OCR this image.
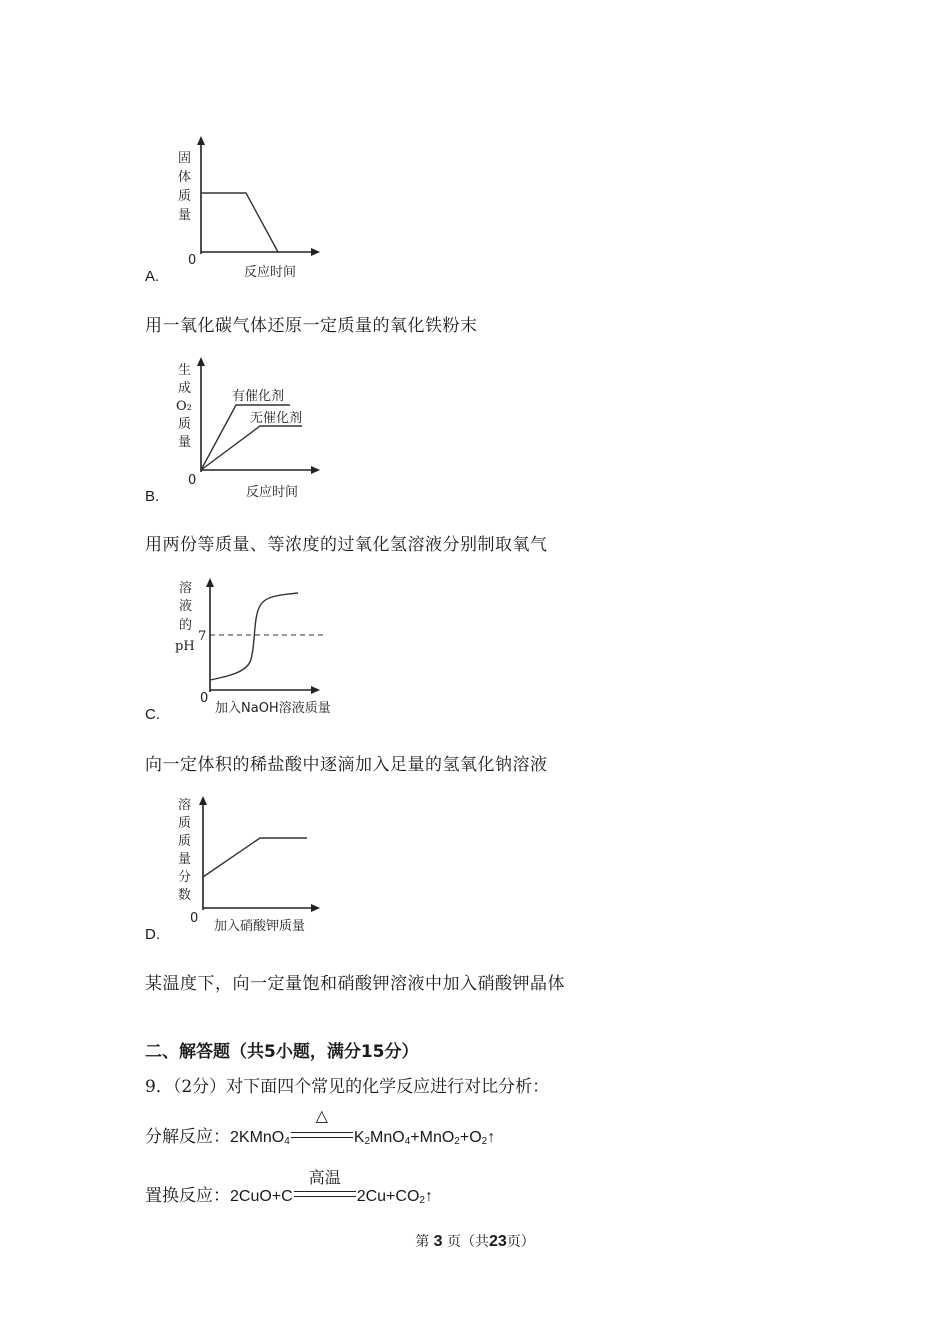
固
体
质
量
0
反应时间
A.
用一氧化碳气体还原一定质量的氧化铁粉末
生
成
O₂
质
量
有催化剂
无催化剂
0
反应时间
B.
用两份等质量、等浓度的过氧化氢溶液分别制取氧气
溶
液
的
pH
7
0
加入NaOH溶液质量
C.
向一定体积的稀盐酸中逐滴加入足量的氢氧化钠溶液
溶
质
质
量
分
数
0
加入硝酸钾质量
D.
某温度下，向一定量饱和硝酸钾溶液中加入硝酸钾晶体
二、解答题（共5小题，满分15分）
9．（2分）对下面四个常见的化学反应进行对比分析：
分解反应：2KMnO$_4$
△
$K_2MnO_4+MnO_2+O_2↑$
置换反应：2CuO+C
高温
$2Cu+CO_2↑$
第 3 页（共23页）
